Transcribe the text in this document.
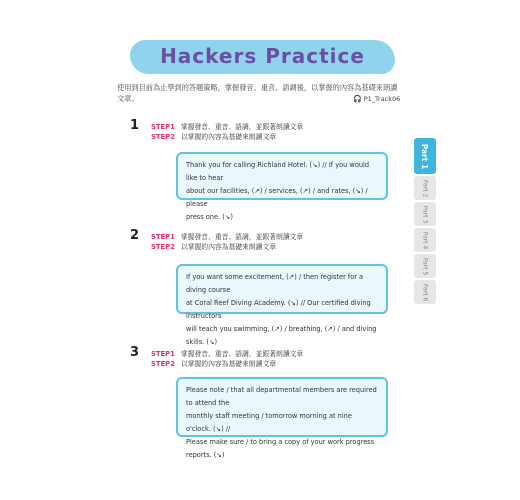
Hackers Practice
使用到目前為止學到的答題策略，掌握發音、重音、語調後，以掌握的內容為基礎來朗讀文章。	🎧 P1_Track06
1 STEP1 掌握發音、重音、語調，並跟著朗讀文章
STEP2 以掌握的內容為基礎來朗讀文章
Thank you for calling Richland Hotel. (↘) // If you would like to hear
about our facilities, (↗) / services, (↗) / and rates, (↘) / please
press one. (↘)
2 STEP1 掌握發音、重音、語調，並跟著朗讀文章
STEP2 以掌握的內容為基礎來朗讀文章
If you want some excitement, (↗) / then register for a diving course
at Coral Reef Diving Academy. (↘) // Our certified diving instructors
will teach you swimming, (↗) / breathing, (↗) / and diving skills. (↘)
3 STEP1 掌握發音、重音、語調，並跟著朗讀文章
STEP2 以掌握的內容為基礎來朗讀文章
Please note / that all departmental members are required to attend the
monthly staff meeting / tomorrow morning at nine o'clock. (↘) //
Please make sure / to bring a copy of your work progress
reports. (↘)
Part 1
Part 2
Part 3
Part 4
Part 5
Part 6
